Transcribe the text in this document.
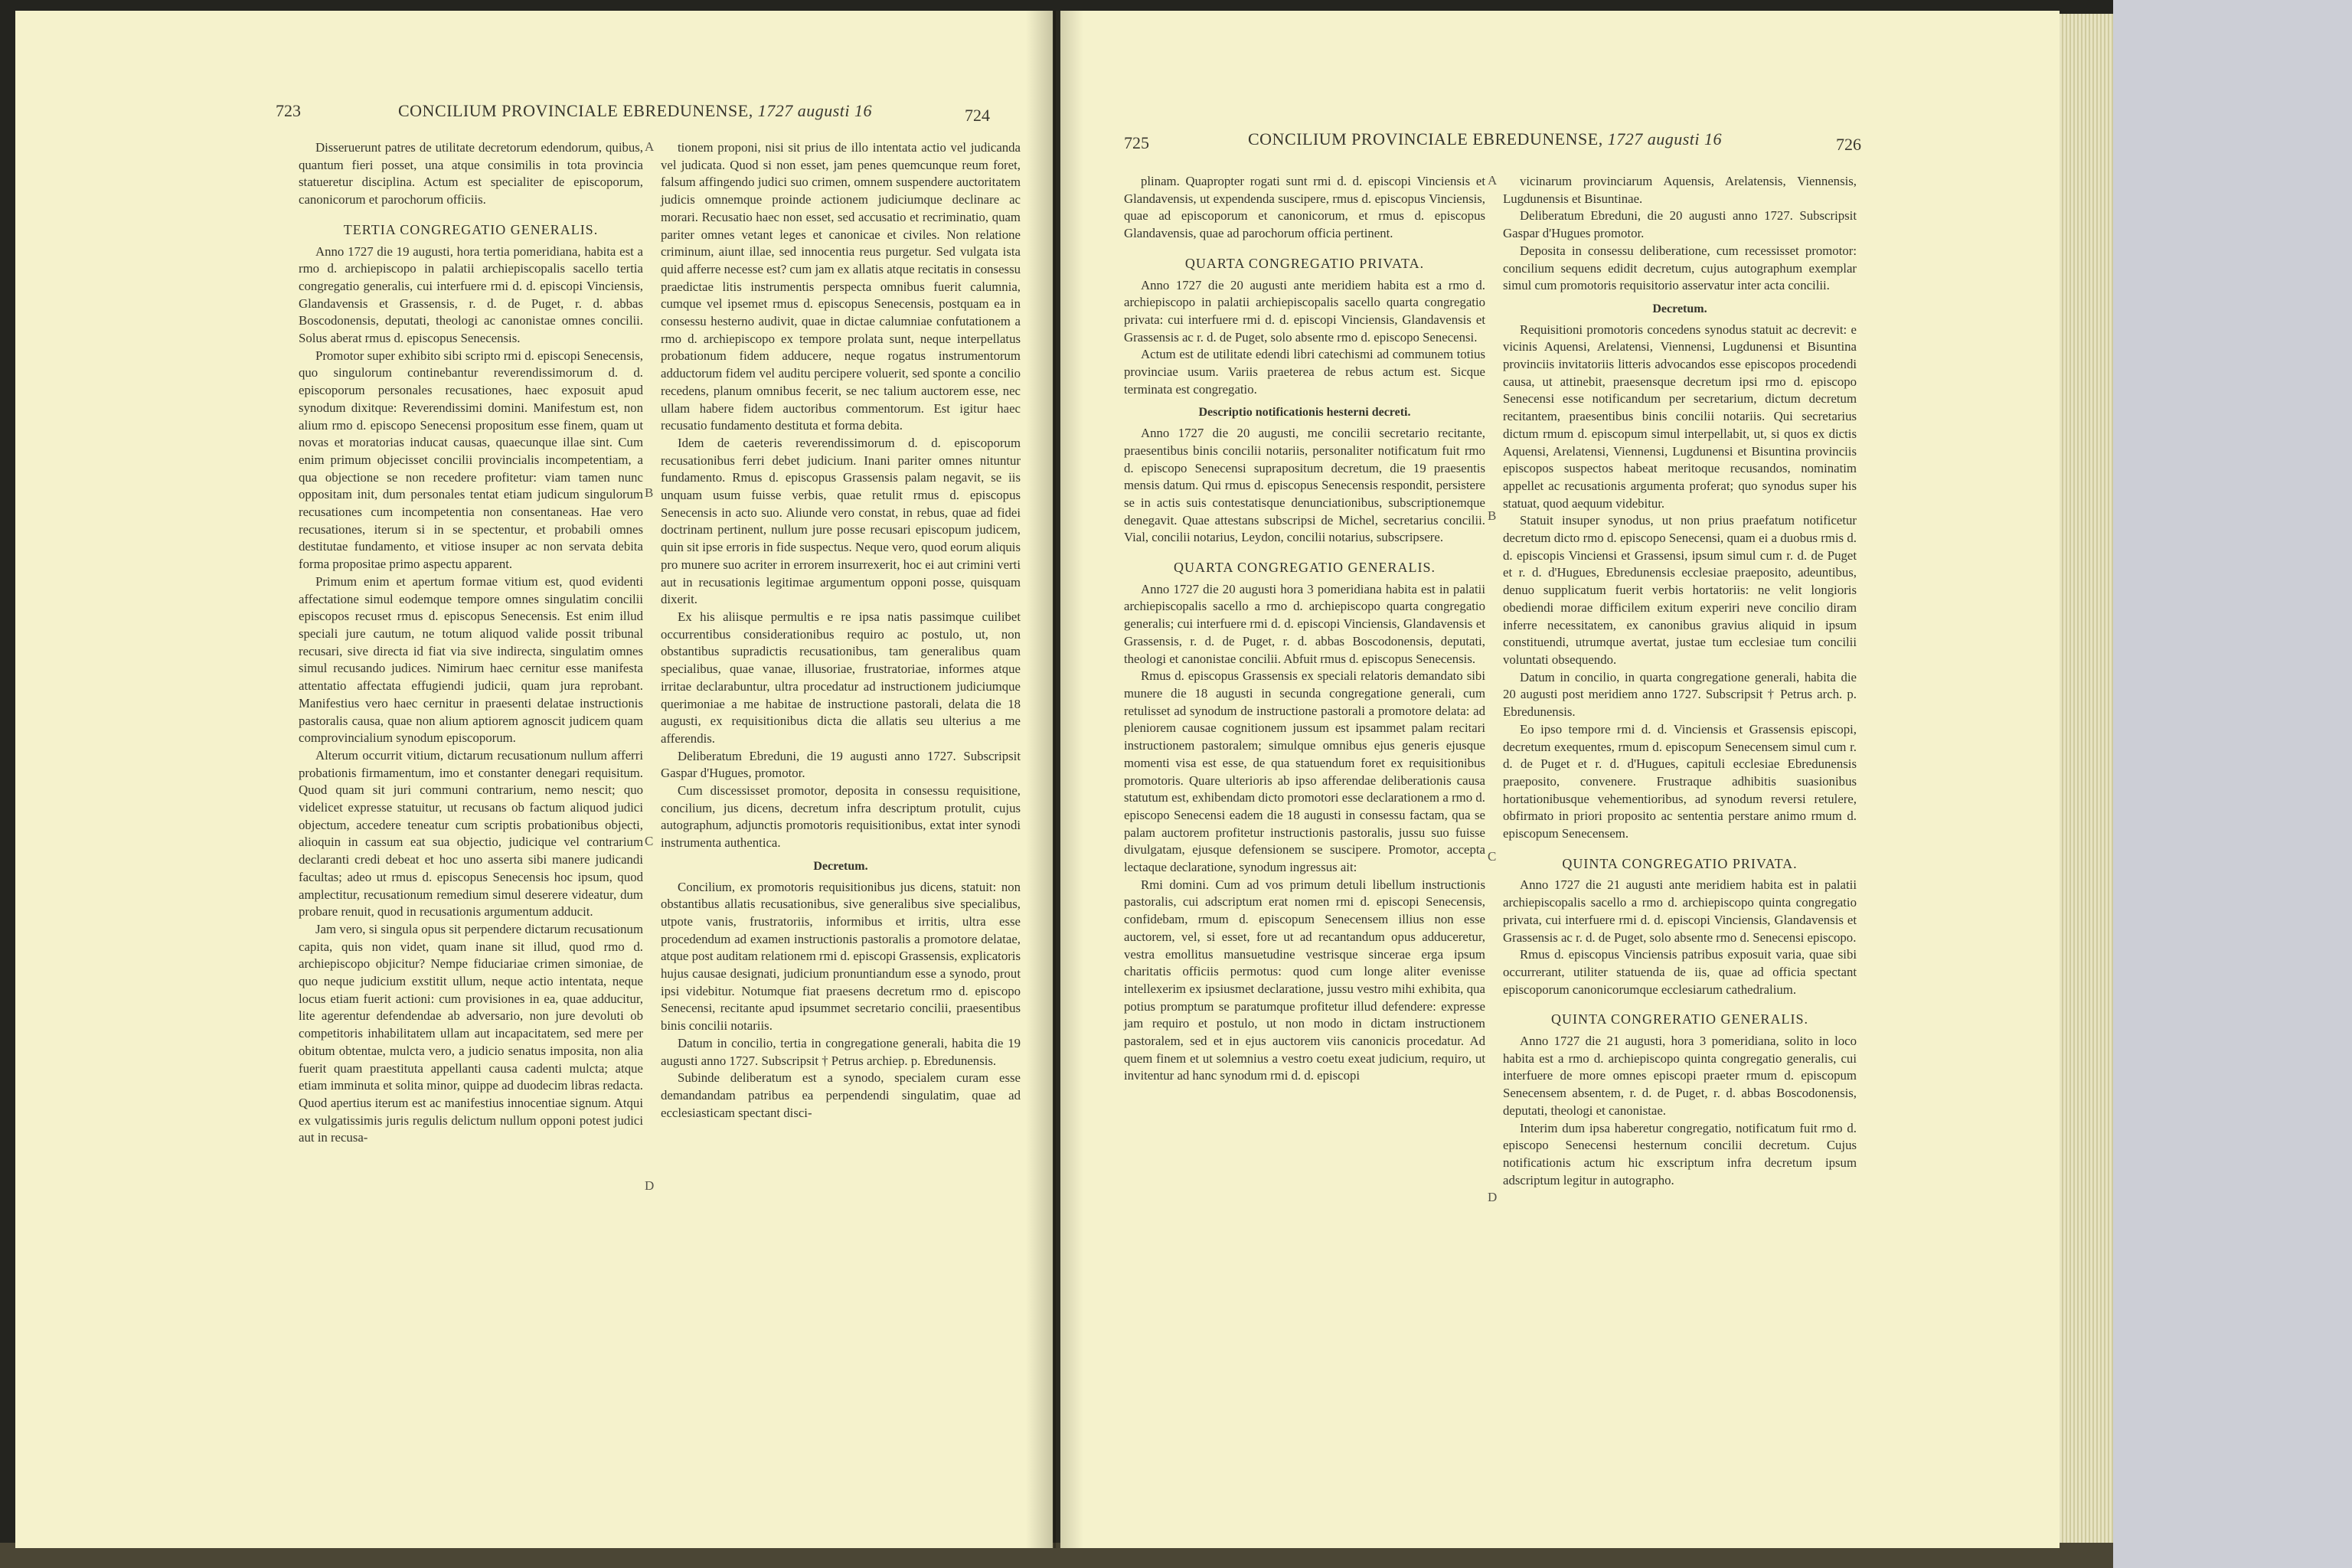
723	CONCILIUM PROVINCIALE EBREDUNENSE, 1727 augusti 16	724

Disseruerunt patres de utilitate decretorum edendorum, quibus, quantum fieri posset, una atque consimilis in tota provincia statueretur disciplina. Actum est specialiter de episcoporum, canonicorum et parochorum officiis.

TERTIA CONGREGATIO GENERALIS.

Anno 1727 die 19 augusti, hora tertia pomeridiana, habita est a rmo d. archiepiscopo in palatii archiepiscopalis sacello tertia congregatio generalis, cui interfuere rmi d. d. episcopi Vinciensis, Glandavensis et Grassensis, r. d. de Puget, r. d. abbas Boscodonensis, deputati, theologi ac canonistae omnes concilii. Solus aberat rmus d. episcopus Senecensis.

Promotor super exhibito sibi scripto rmi d. episcopi Senecensis, quo singulorum continebantur reverendissimorum d. d. episcoporum personales recusationes, haec exposuit apud synodum dixitque: Reverendissimi domini. Manifestum est, non alium rmo d. episcopo Senecensi propositum esse finem, quam ut novas et moratorias inducat causas, quaecunque illae sint. Cum enim primum objecisset concilii provincialis incompetentiam, a qua objectione se non recedere profitetur: viam tamen nunc oppositam init, dum personales tentat etiam judicum singulorum recusationes cum incompetentia non consentaneas. Hae vero recusationes, iterum si in se spectentur, et probabili omnes destitutae fundamento, et vitiose insuper ac non servata debita forma propositae primo aspectu apparent.

Primum enim et apertum formae vitium est, quod evidenti affectatione simul eodemque tempore omnes singulatim concilii episcopos recuset rmus d. episcopus Senecensis. Est enim illud speciali jure cautum, ne totum aliquod valide possit tribunal recusari, sive directa id fiat via sive indirecta, singulatim omnes simul recusando judices. Nimirum haec cernitur esse manifesta attentatio affectata effugiendi judicii, quam jura reprobant. Manifestius vero haec cernitur in praesenti delatae instructionis pastoralis causa, quae non alium aptiorem agnoscit judicem quam comprovincialium synodum episcoporum.

Alterum occurrit vitium, dictarum recusationum nullum afferri probationis firmamentum, imo et constanter denegari requisitum. Quod quam sit juri communi contrarium, nemo nescit; quo videlicet expresse statuitur, ut recusans ob factum aliquod judici objectum, accedere teneatur cum scriptis probationibus objecti, alioquin in cassum eat sua objectio, judicique vel contrarium declaranti credi debeat et hoc uno asserta sibi manere judicandi facultas; adeo ut rmus d. episcopus Senecensis hoc ipsum, quod amplectitur, recusationum remedium simul deserere videatur, dum probare renuit, quod in recusationis argumentum adducit.

Jam vero, si singula opus sit perpendere dictarum recusationum capita, quis non videt, quam inane sit illud, quod rmo d. archiepiscopo objicitur? Nempe fiduciariae crimen simoniae, de quo neque judicium exstitit ullum, neque actio intentata, neque locus etiam fuerit actioni: cum provisiones in ea, quae adducitur, lite agerentur defendendae ab adversario, non jure devoluti ob competitoris inhabilitatem ullam aut incapacitatem, sed mere per obitum obtentae, mulcta vero, a judicio senatus imposita, non alia fuerit quam praestituta appellanti causa cadenti mulcta; atque etiam imminuta et solita minor, quippe ad duodecim libras redacta. Quod apertius iterum est ac manifestius innocentiae signum. Atqui ex vulgatissimis juris regulis delictum nullum opponi potest judici aut in recusa-

tionem proponi, nisi sit prius de illo intentata actio vel judicanda vel judicata. Quod si non esset, jam penes quemcunque reum foret, falsum affingendo judici suo crimen, omnem suspendere auctoritatem judicis omnemque proinde actionem judiciumque declinare ac morari. Recusatio haec non esset, sed accusatio et recriminatio, quam pariter omnes vetant leges et canonicae et civiles. Non relatione criminum, aiunt illae, sed innocentia reus purgetur. Sed vulgata ista quid afferre necesse est? cum jam ex allatis atque recitatis in consessu praedictae litis instrumentis perspecta omnibus fuerit calumnia, cumque vel ipsemet rmus d. episcopus Senecensis, postquam ea in consessu hesterno audivit, quae in dictae calumniae confutationem a rmo d. archiepiscopo ex tempore prolata sunt, neque interpellatus probationum fidem adducere, neque rogatus instrumentorum adductorum fidem vel auditu percipere voluerit, sed sponte a concilio recedens, planum omnibus fecerit, se nec talium auctorem esse, nec ullam habere fidem auctoribus commentorum. Est igitur haec recusatio fundamento destituta et forma debita.

Idem de caeteris reverendissimorum d. d. episcoporum recusationibus ferri debet judicium. Inani pariter omnes nituntur fundamento. Rmus d. episcopus Grassensis palam negavit, se iis unquam usum fuisse verbis, quae retulit rmus d. episcopus Senecensis in acto suo. Aliunde vero constat, in rebus, quae ad fidei doctrinam pertinent, nullum jure posse recusari episcopum judicem, quin sit ipse erroris in fide suspectus. Neque vero, quod eorum aliquis pro munere suo acriter in errorem insurrexerit, hoc ei aut crimini verti aut in recusationis legitimae argumentum opponi posse, quisquam dixerit.

Ex his aliisque permultis e re ipsa natis passimque cuilibet occurrentibus considerationibus requiro ac postulo, ut, non obstantibus supradictis recusationibus, tam generalibus quam specialibus, quae vanae, illusoriae, frustratoriae, informes atque irritae declarabuntur, ultra procedatur ad instructionem judiciumque querimoniae a me habitae de instructione pastorali, delata die 18 augusti, ex requisitionibus dicta die allatis seu ulterius a me afferendis.

Deliberatum Ebreduni, die 19 augusti anno 1727. Subscripsit Gaspar d'Hugues, promotor.

Cum discessisset promotor, deposita in consessu requisitione, concilium, jus dicens, decretum infra descriptum protulit, cujus autographum, adjunctis promotoris requisitionibus, extat inter synodi instrumenta authentica.

Decretum.

Concilium, ex promotoris requisitionibus jus dicens, statuit: non obstantibus allatis recusationibus, sive generalibus sive specialibus, utpote vanis, frustratoriis, informibus et irritis, ultra esse procedendum ad examen instructionis pastoralis a promotore delatae, atque post auditam relationem rmi d. episcopi Grassensis, explicatoris hujus causae designati, judicium pronuntiandum esse a synodo, prout ipsi videbitur. Notumque fiat praesens decretum rmo d. episcopo Senecensi, recitante apud ipsummet secretario concilii, praesentibus binis concilii notariis.

Datum in concilio, tertia in congregatione generali, habita die 19 augusti anno 1727. Subscripsit † Petrus archiep. p. Ebredunensis.

Subinde deliberatum est a synodo, specialem curam esse demandandam patribus ea perpendendi singulatim, quae ad ecclesiasticam spectant disci-

A
B
C
D
725	CONCILIUM PROVINCIALE EBREDUNENSE, 1727 augusti 16	726

plinam. Quapropter rogati sunt rmi d. d. episcopi Vinciensis et Glandavensis, ut expendenda suscipere, rmus d. episcopus Vinciensis, quae ad episcoporum et canonicorum, et rmus d. episcopus Glandavensis, quae ad parochorum officia pertinent.

QUARTA CONGREGATIO PRIVATA.

Anno 1727 die 20 augusti ante meridiem habita est a rmo d. archiepiscopo in palatii archiepiscopalis sacello quarta congregatio privata: cui interfuere rmi d. d. episcopi Vinciensis, Glandavensis et Grassensis ac r. d. de Puget, solo absente rmo d. episcopo Senecensi.

Actum est de utilitate edendi libri catechismi ad communem totius provinciae usum. Variis praeterea de rebus actum est. Sicque terminata est congregatio.

Descriptio notificationis hesterni decreti.

Anno 1727 die 20 augusti, me concilii secretario recitante, praesentibus binis concilii notariis, personaliter notificatum fuit rmo d. episcopo Senecensi suprapositum decretum, die 19 praesentis mensis datum. Qui rmus d. episcopus Senecensis respondit, persistere se in actis suis contestatisque denunciationibus, subscriptionemque denegavit. Quae attestans subscripsi de Michel, secretarius concilii. Vial, concilii notarius, Leydon, concilii notarius, subscripsere.

QUARTA CONGREGATIO GENERALIS.

Anno 1727 die 20 augusti hora 3 pomeridiana habita est in palatii archiepiscopalis sacello a rmo d. archiepiscopo quarta congregatio generalis; cui interfuere rmi d. d. episcopi Vinciensis, Glandavensis et Grassensis, r. d. de Puget, r. d. abbas Boscodonensis, deputati, theologi et canonistae concilii. Abfuit rmus d. episcopus Senecensis.

Rmus d. episcopus Grassensis ex speciali relatoris demandato sibi munere die 18 augusti in secunda congregatione generali, cum retulisset ad synodum de instructione pastorali a promotore delata: ad pleniorem causae cognitionem jussum est ipsammet palam recitari instructionem pastoralem; simulque omnibus ejus generis ejusque momenti visa est esse, de qua statuendum foret ex requisitionibus promotoris. Quare ulterioris ab ipso afferendae deliberationis causa statutum est, exhibendam dicto promotori esse declarationem a rmo d. episcopo Senecensi eadem die 18 augusti in consessu factam, qua se palam auctorem profitetur instructionis pastoralis, jussu suo fuisse divulgatam, ejusque defensionem se suscipere. Promotor, accepta lectaque declaratione, synodum ingressus ait:

Rmi domini. Cum ad vos primum detuli libellum instructionis pastoralis, cui adscriptum erat nomen rmi d. episcopi Senecensis, confidebam, rmum d. episcopum Senecensem illius non esse auctorem, vel, si esset, fore ut ad recantandum opus adduceretur, vestra emollitus mansuetudine vestrisque sincerae erga ipsum charitatis officiis permotus: quod cum longe aliter evenisse intellexerim ex ipsiusmet declaratione, jussu vestro mihi exhibita, qua potius promptum se paratumque profitetur illud defendere: expresse jam requiro et postulo, ut non modo in dictam instructionem pastoralem, sed et in ejus auctorem viis canonicis procedatur. Ad quem finem et ut solemnius a vestro coetu exeat judicium, requiro, ut invitentur ad hanc synodum rmi d. d. episcopi

vicinarum provinciarum Aquensis, Arelatensis, Viennensis, Lugdunensis et Bisuntinae.

Deliberatum Ebreduni, die 20 augusti anno 1727. Subscripsit Gaspar d'Hugues promotor.

Deposita in consessu deliberatione, cum recessisset promotor: concilium sequens edidit decretum, cujus autographum exemplar simul cum promotoris requisitorio asservatur inter acta concilii.

Decretum.

Requisitioni promotoris concedens synodus statuit ac decrevit: e vicinis Aquensi, Arelatensi, Viennensi, Lugdunensi et Bisuntina provinciis invitatoriis litteris advocandos esse episcopos procedendi causa, ut attinebit, praesensque decretum ipsi rmo d. episcopo Senecensi esse notificandum per secretarium, dictum decretum recitantem, praesentibus binis concilii notariis. Qui secretarius dictum rmum d. episcopum simul interpellabit, ut, si quos ex dictis Aquensi, Arelatensi, Viennensi, Lugdunensi et Bisuntina provinciis episcopos suspectos habeat meritoque recusandos, nominatim appellet ac recusationis argumenta proferat; quo synodus super his statuat, quod aequum videbitur.

Statuit insuper synodus, ut non prius praefatum notificetur decretum dicto rmo d. episcopo Senecensi, quam ei a duobus rmis d. d. episcopis Vinciensi et Grassensi, ipsum simul cum r. d. de Puget et r. d. d'Hugues, Ebredunensis ecclesiae praeposito, adeuntibus, denuo supplicatum fuerit verbis hortatoriis: ne velit longioris obediendi morae difficilem exitum experiri neve concilio diram inferre necessitatem, ex canonibus gravius aliquid in ipsum constituendi, utrumque avertat, justae tum ecclesiae tum concilii voluntati obsequendo.

Datum in concilio, in quarta congregatione generali, habita die 20 augusti post meridiem anno 1727. Subscripsit † Petrus arch. p. Ebredunensis.

Eo ipso tempore rmi d. d. Vinciensis et Grassensis episcopi, decretum exequentes, rmum d. episcopum Senecensem simul cum r. d. de Puget et r. d. d'Hugues, capituli ecclesiae Ebredunensis praeposito, convenere. Frustraque adhibitis suasionibus hortationibusque vehementioribus, ad synodum reversi retulere, obfirmato in priori proposito ac sententia perstare animo rmum d. episcopum Senecensem.

QUINTA CONGREGATIO PRIVATA.

Anno 1727 die 21 augusti ante meridiem habita est in palatii archiepiscopalis sacello a rmo d. archiepiscopo quinta congregatio privata, cui interfuere rmi d. d. episcopi Vinciensis, Glandavensis et Grassensis ac r. d. de Puget, solo absente rmo d. Senecensi episcopo.

Rmus d. episcopus Vinciensis patribus exposuit varia, quae sibi occurrerant, utiliter statuenda de iis, quae ad officia spectant episcoporum canonicorumque ecclesiarum cathedralium.

QUINTA CONGRERATIO GENERALIS.

Anno 1727 die 21 augusti, hora 3 pomeridiana, solito in loco habita est a rmo d. archiepiscopo quinta congregatio generalis, cui interfuere de more omnes episcopi praeter rmum d. episcopum Senecensem absentem, r. d. de Puget, r. d. abbas Boscodonensis, deputati, theologi et canonistae.

Interim dum ipsa haberetur congregatio, notificatum fuit rmo d. episcopo Senecensi hesternum concilii decretum. Cujus notificationis actum hic exscriptum infra decretum ipsum adscriptum legitur in autographo.

A
B
C
D
